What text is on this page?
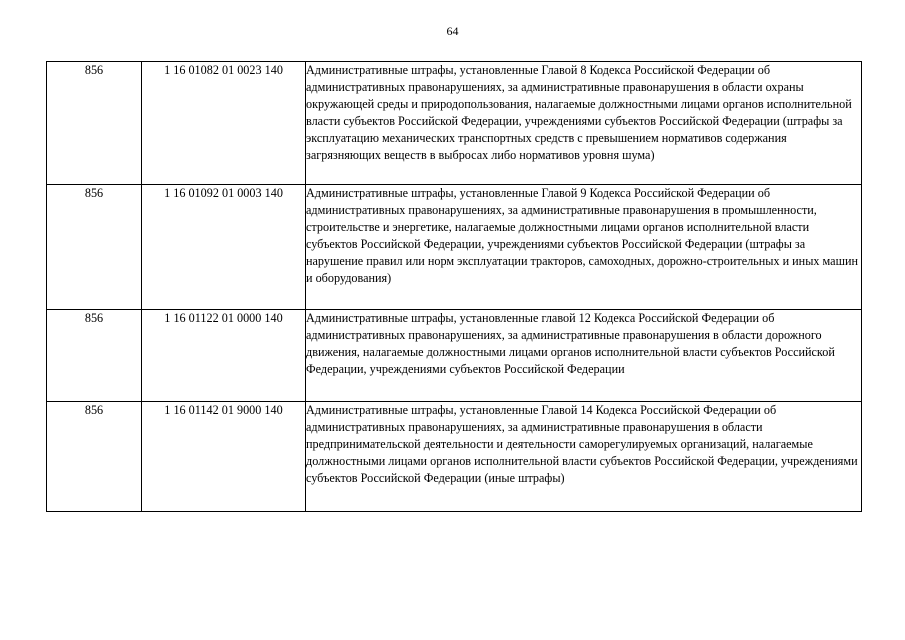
64
856	1 16 01082 01 0023 140	Административные штрафы, установленные Главой 8 Кодекса Российской Федерации об административных правонарушениях, за административные правонарушения в области охраны окружающей среды и природопользования, налагаемые должностными лицами органов исполнительной власти субъектов Российской Федерации, учреждениями субъектов Российской Федерации (штрафы за эксплуатацию механических транспортных средств с превышением нормативов содержания загрязняющих веществ в выбросах либо нормативов уровня шума)
856	1 16 01092 01 0003 140	Административные штрафы, установленные Главой 9 Кодекса Российской Федерации об административных правонарушениях, за административные правонарушения в промышленности, строительстве и энергетике, налагаемые должностными лицами органов исполнительной власти субъектов Российской Федерации, учреждениями субъектов Российской Федерации (штрафы за нарушение правил или норм эксплуатации тракторов, самоходных, дорожно-строительных и иных машин и оборудования)
856	1 16 01122 01 0000 140	Административные штрафы, установленные главой 12 Кодекса Российской Федерации об административных правонарушениях, за административные правонарушения в области дорожного движения, налагаемые должностными лицами органов исполнительной власти субъектов Российской Федерации, учреждениями субъектов Российской Федерации
856	1 16 01142 01 9000 140	Административные штрафы, установленные Главой 14 Кодекса Российской Федерации об административных правонарушениях, за административные правонарушения в области предпринимательской деятельности и деятельности саморегулируемых организаций, налагаемые должностными лицами органов исполнительной власти субъектов Российской Федерации, учреждениями субъектов Российской Федерации (иные штрафы)
